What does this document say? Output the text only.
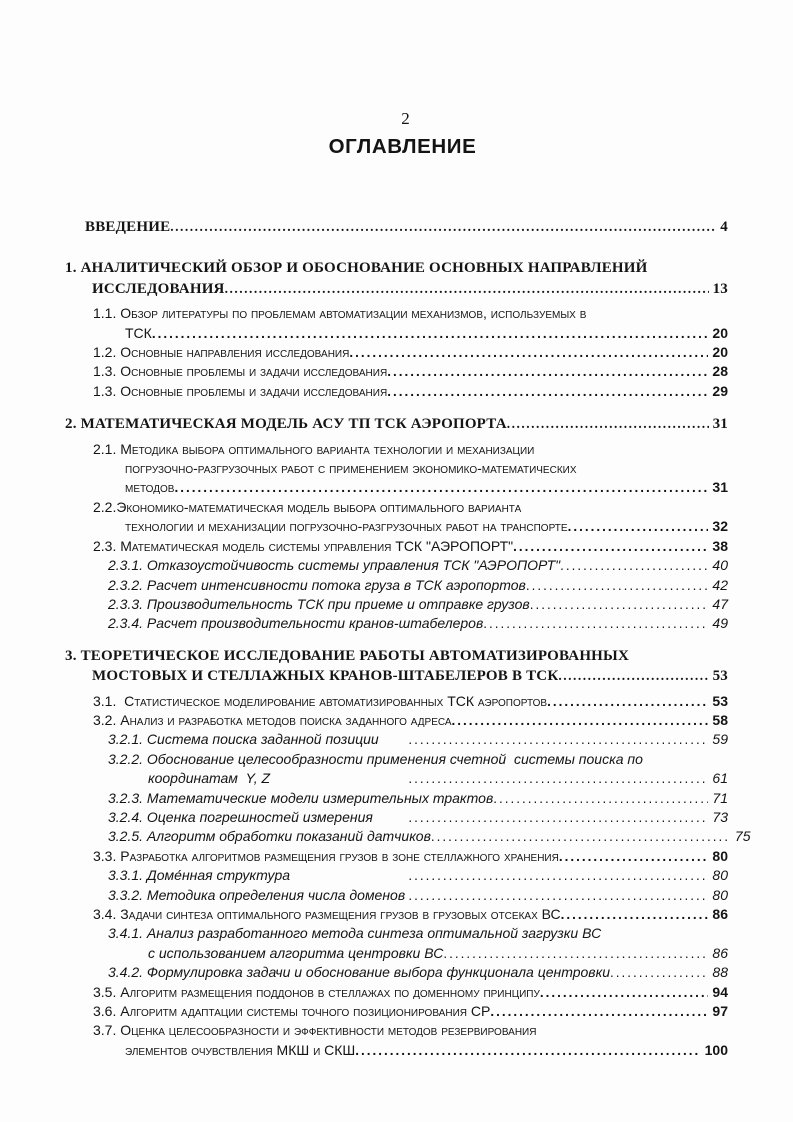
2
ОГЛАВЛЕНИЕ
ВВЕДЕНИЕ .....	4
1. АНАЛИТИЧЕСКИЙ ОБЗОР И ОБОСНОВАНИЕ ОСНОВНЫХ НАПРАВЛЕНИЙ
ИССЛЕДОВАНИЯ .....	13
1.1. Обзор литературы по проблемам автоматизации механизмов, используемых в
ТСК .....	20
1.2. Основные направления исследования .....	20
1.3. Основные проблемы и задачи исследования .....	28
1.3. Основные проблемы и задачи исследования .....	29
2. МАТЕМАТИЧЕСКАЯ МОДЕЛЬ АСУ ТП ТСК АЭРОПОРТА .....	31
2.1. Методика выбора оптимального варианта технологии и механизации
погрузочно-разгрузочных работ с применением экономико-математических
методов .....	31
2.2.Экономико-математическая модель выбора оптимального варианта
технологии и механизации погрузочно-разгрузочных работ на транспорте .....	32
2.3. Математическая модель системы управления ТСК "АЭРОПОРТ" .....	38
2.3.1. Отказоустойчивость системы управления ТСК "АЭРОПОРТ" .....	40
2.3.2. Расчет интенсивности потока груза в ТСК аэропортов .....	42
2.3.3. Производительность ТСК при приеме и отправке грузов .....	47
2.3.4. Расчет производительности кранов-штабелеров .....	49
3. ТЕОРЕТИЧЕСКОЕ ИССЛЕДОВАНИЕ РАБОТЫ АВТОМАТИЗИРОВАННЫХ
МОСТОВЫХ И СТЕЛЛАЖНЫХ КРАНОВ-ШТАБЕЛЕРОВ В ТСК .....	53
3.1.  Статистическое моделирование автоматизированных ТСК аэропортов .....	53
3.2. Анализ и разработка методов поиска заданного адреса .....	58
3.2.1. Система поиска заданной позиции .....	59
3.2.2. Обоснование целесообразности применения счетной  системы поиска по
координатам  Y, Z .....	61
3.2.3. Математические модели измерительных трактов .....	71
3.2.4. Оценка погрешностей измерения .....	73
3.2.5. Алгоритм обработки показаний датчиков .....	75
3.3. Разработка алгоритмов размещения грузов в зоне стеллажного хранения .....	80
3.3.1. Доме́нная структура .....	80
3.3.2. Методика определения числа доменов .....	80
3.4. Задачи синтеза оптимального размещения грузов в грузовых отсеках ВС .....	86
3.4.1. Анализ разработанного метода синтеза оптимальной загрузки ВС
с использованием алгоритма центровки ВС .....	86
3.4.2. Формулировка задачи и обоснование выбора функционала центровки .....	88
3.5. Алгоритм размещения поддонов в стеллажах по доменному принципу .....	94
3.6. Алгоритм адаптации системы точного позиционирования СР .....	97
3.7. Оценка целесообразности и эффективности методов резервирования
элементов очувствления МКШ и СКШ .....	100
